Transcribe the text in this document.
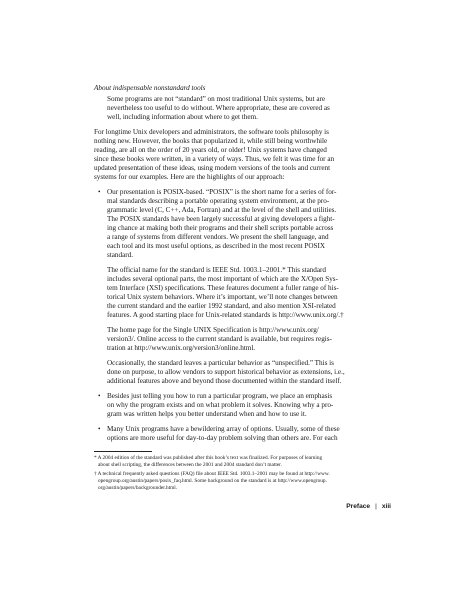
About indispensable nonstandard tools
Some programs are not “standard” on most traditional Unix systems, but are
nevertheless too useful to do without. Where appropriate, these are covered as
well, including information about where to get them.
For longtime Unix developers and administrators, the software tools philosophy is
nothing new. However, the books that popularized it, while still being worthwhile
reading, are all on the order of 20 years old, or older! Unix systems have changed
since these books were written, in a variety of ways. Thus, we felt it was time for an
updated presentation of these ideas, using modern versions of the tools and current
systems for our examples. Here are the highlights of our approach:
• Our presentation is POSIX-based. “POSIX” is the short name for a series of for-
mal standards describing a portable operating system environment, at the pro-
grammatic level (C, C++, Ada, Fortran) and at the level of the shell and utilities.
The POSIX standards have been largely successful at giving developers a fight-
ing chance at making both their programs and their shell scripts portable across
a range of systems from different vendors. We present the shell language, and
each tool and its most useful options, as described in the most recent POSIX
standard.
The official name for the standard is IEEE Std. 1003.1–2001.* This standard
includes several optional parts, the most important of which are the X/Open Sys-
tem Interface (XSI) specifications. These features document a fuller range of his-
torical Unix system behaviors. Where it’s important, we’ll note changes between
the current standard and the earlier 1992 standard, and also mention XSI-related
features. A good starting place for Unix-related standards is http://www.unix.org/.†
The home page for the Single UNIX Specification is http://www.unix.org/
version3/. Online access to the current standard is available, but requires regis-
tration at http://www.unix.org/version3/online.html.
Occasionally, the standard leaves a particular behavior as “unspecified.” This is
done on purpose, to allow vendors to support historical behavior as extensions, i.e.,
additional features above and beyond those documented within the standard itself.
• Besides just telling you how to run a particular program, we place an emphasis
on why the program exists and on what problem it solves. Knowing why a pro-
gram was written helps you better understand when and how to use it.
• Many Unix programs have a bewildering array of options. Usually, some of these
options are more useful for day-to-day problem solving than others are. For each
* A 2004 edition of the standard was published after this book’s text was finalized. For purposes of learning
about shell scripting, the differences between the 2001 and 2004 standard don’t matter.
† A technical frequently asked questions (FAQ) file about IEEE Std. 1003.1–2001 may be found at http://www.
opengroup.org/austin/papers/posix_faq.html. Some background on the standard is at http://www.opengroup.
org/austin/papers/backgrounder.html.
Preface | xiii
